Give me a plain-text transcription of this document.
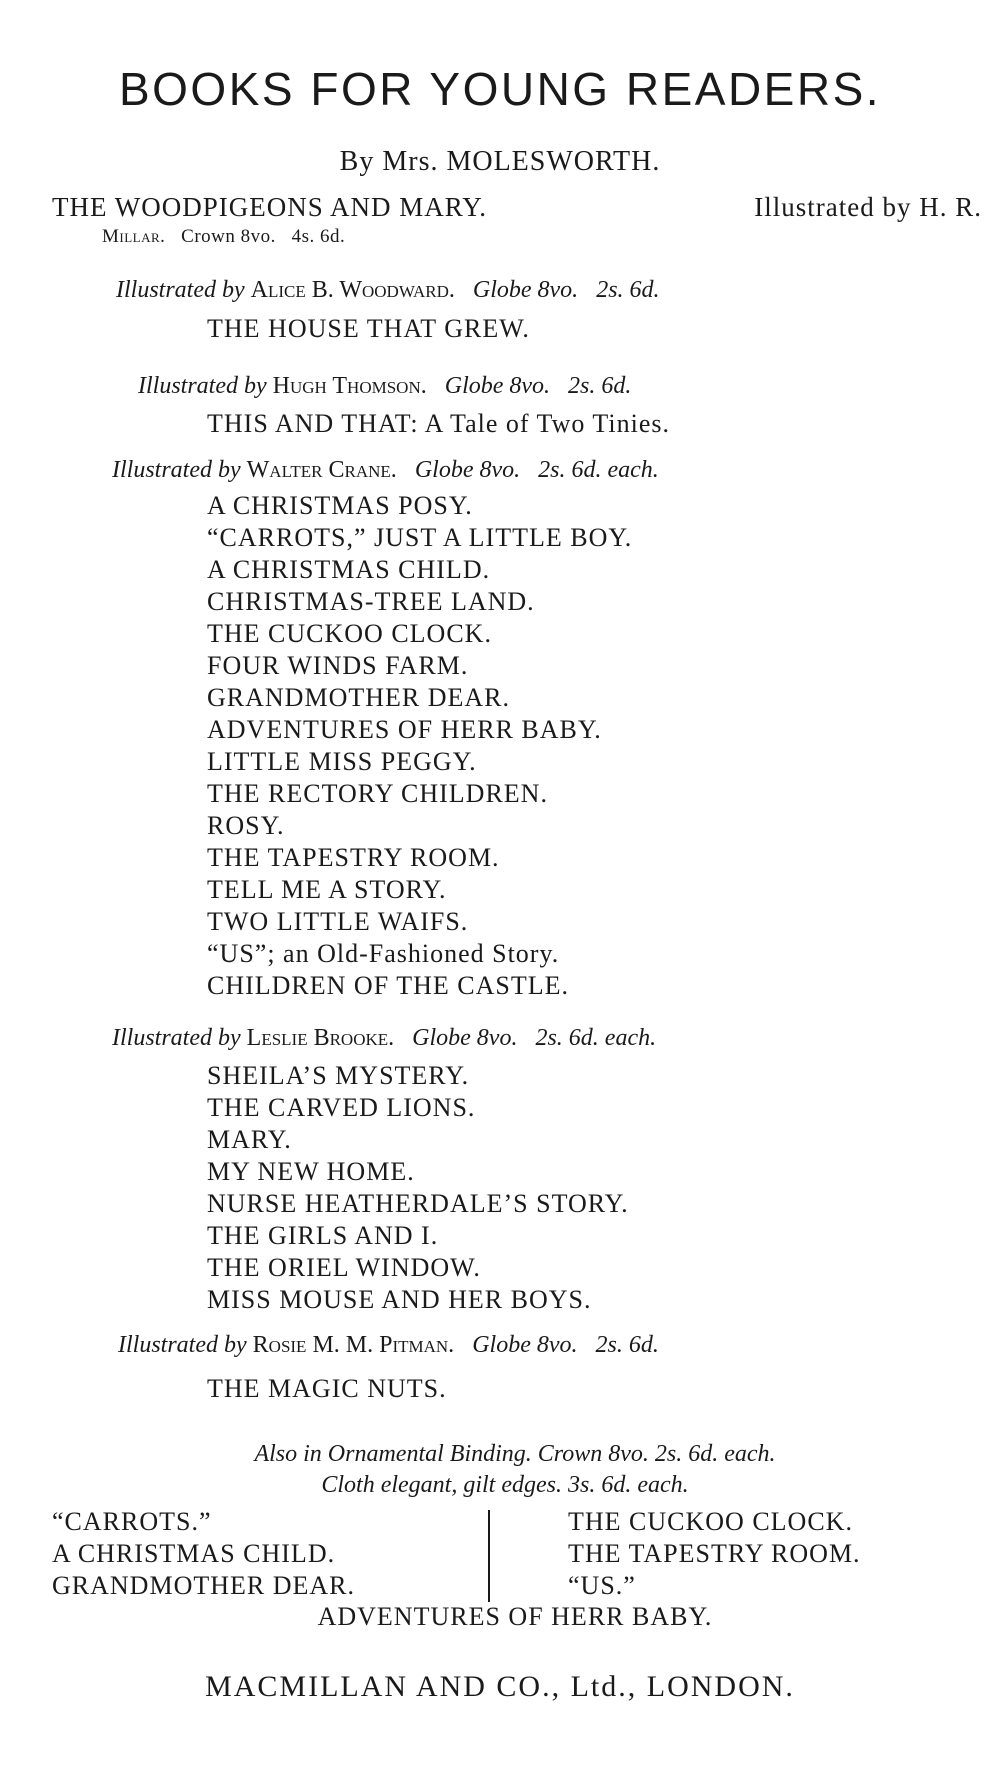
BOOKS FOR YOUNG READERS.
By Mrs. MOLESWORTH.
THE WOODPIGEONS AND MARY.	Illustrated by H. R.
Millar. Crown 8vo. 4s. 6d.
Illustrated by Alice B. Woodward. Globe 8vo. 2s. 6d.
THE HOUSE THAT GREW.
Illustrated by Hugh Thomson. Globe 8vo. 2s. 6d.
THIS AND THAT: A Tale of Two Tinies.
Illustrated by Walter Crane. Globe 8vo. 2s. 6d. each.
A CHRISTMAS POSY.
“CARROTS,” JUST A LITTLE BOY.
A CHRISTMAS CHILD.
CHRISTMAS-TREE LAND.
THE CUCKOO CLOCK.
FOUR WINDS FARM.
GRANDMOTHER DEAR.
ADVENTURES OF HERR BABY.
LITTLE MISS PEGGY.
THE RECTORY CHILDREN.
ROSY.
THE TAPESTRY ROOM.
TELL ME A STORY.
TWO LITTLE WAIFS.
“US”; an Old-Fashioned Story.
CHILDREN OF THE CASTLE.
Illustrated by Leslie Brooke. Globe 8vo. 2s. 6d. each.
SHEILA’S MYSTERY.
THE CARVED LIONS.
MARY.
MY NEW HOME.
NURSE HEATHERDALE’S STORY.
THE GIRLS AND I.
THE ORIEL WINDOW.
MISS MOUSE AND HER BOYS.
Illustrated by Rosie M. M. Pitman. Globe 8vo. 2s. 6d.
THE MAGIC NUTS.
Also in Ornamental Binding. Crown 8vo. 2s. 6d. each.
Cloth elegant, gilt edges. 3s. 6d. each.
“CARROTS.”
A CHRISTMAS CHILD.
GRANDMOTHER DEAR.
THE CUCKOO CLOCK.
THE TAPESTRY ROOM.
“US.”
ADVENTURES OF HERR BABY.
MACMILLAN AND CO., Ltd., LONDON.
